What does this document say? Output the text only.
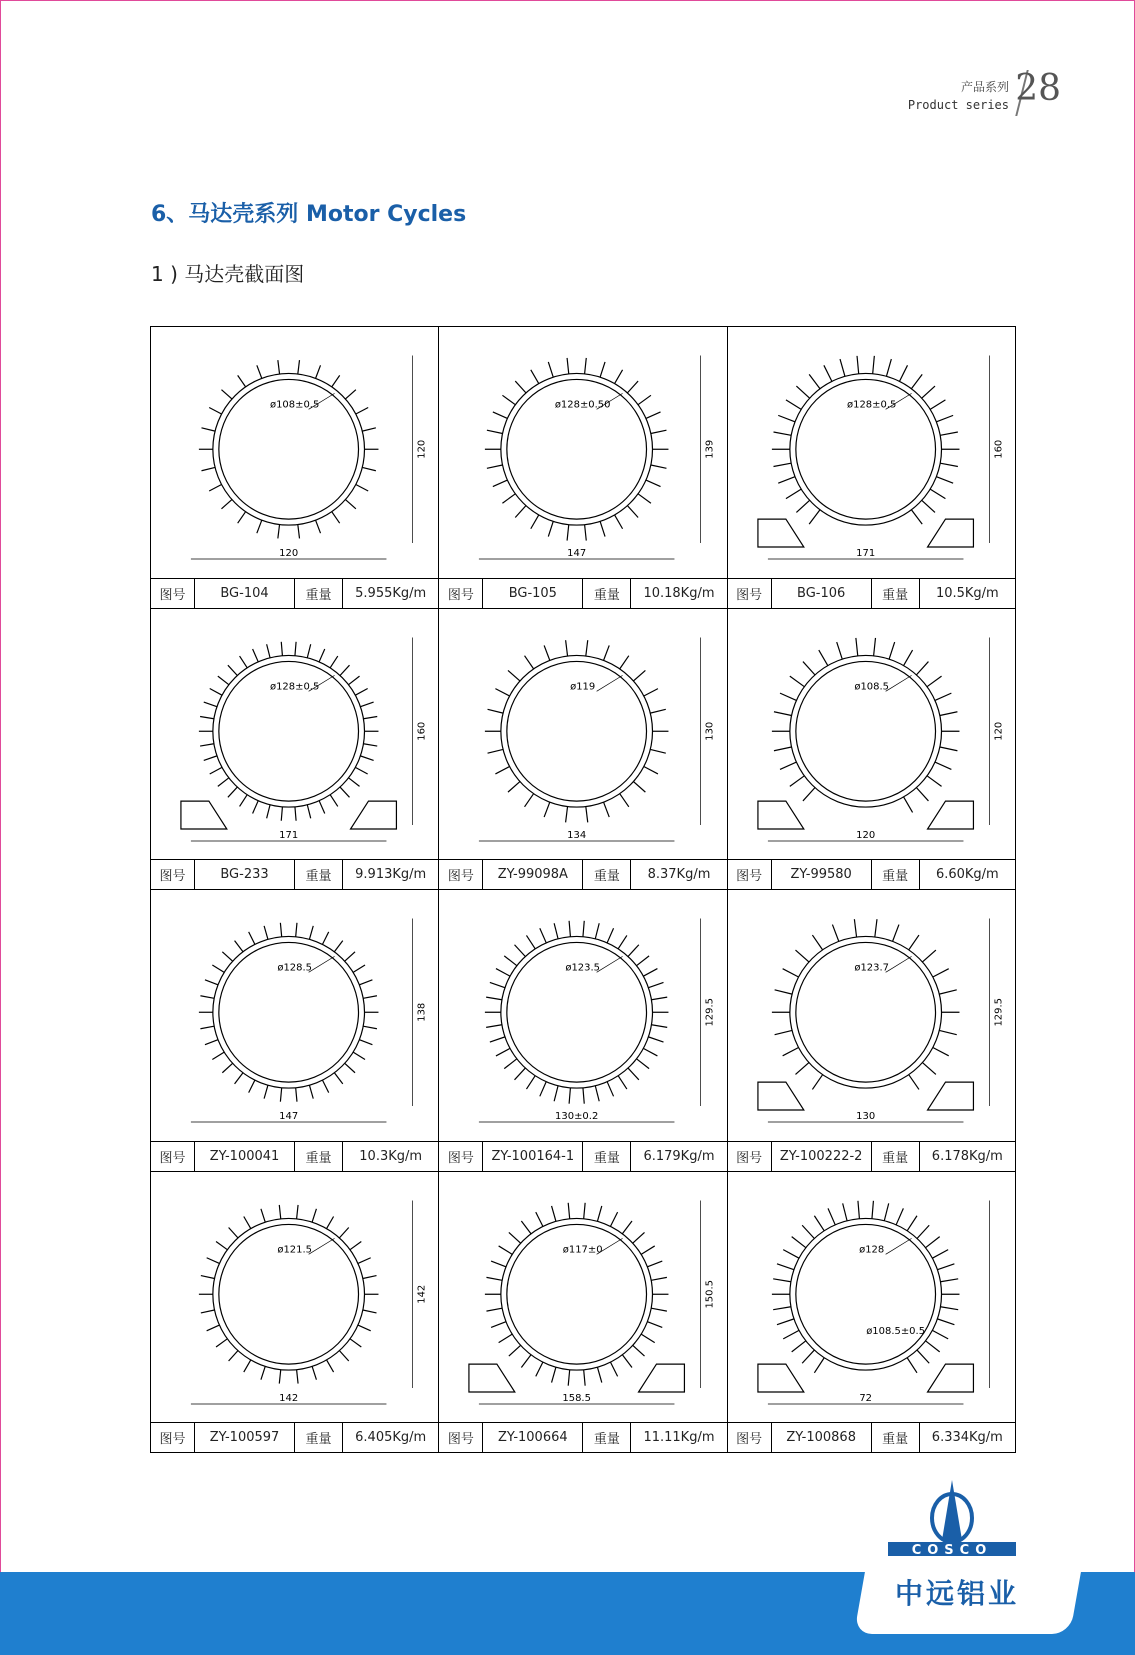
产品系列
Product series 28
6、马达壳系列 Motor Cycles
1 ) 马达壳截面图
120
120
ø108±0.5
图号	BG-104	重量	5.955Kg/m
147
139
ø128±0.50
图号	BG-105	重量	10.18Kg/m
171
160
ø128±0.5
图号	BG-106	重量	10.5Kg/m
171
160
ø128±0.5
图号	BG-233	重量	9.913Kg/m
134
130
ø119
图号	ZY-99098A	重量	8.37Kg/m
120
120
ø108.5
图号	ZY-99580	重量	6.60Kg/m
147
138
ø128.5
图号	ZY-100041	重量	10.3Kg/m
130±0.2
129.5
ø123.5
图号	ZY-100164-1	重量	6.179Kg/m
130
129.5
ø123.7
图号	ZY-100222-2	重量	6.178Kg/m
142
142
ø121.5
图号	ZY-100597	重量	6.405Kg/m
158.5
150.5
ø117±0
图号	ZY-100664	重量	11.11Kg/m
72
ø128
ø108.5±0.5
图号	ZY-100868	重量	6.334Kg/m
COSCO
中远铝业
